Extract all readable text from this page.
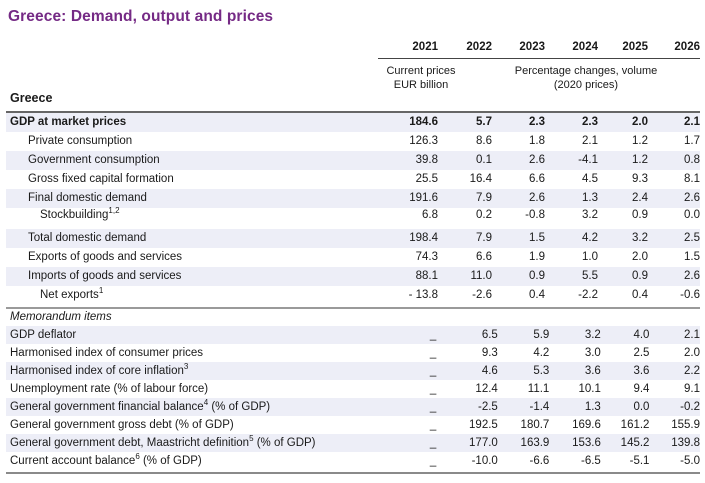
Greece: Demand, output and prices
2021	2022	2023	2024	2025	2026
Greece
Current prices
EUR billion
Percentage changes, volume
(2020 prices)
GDP at market prices	184.6	5.7	2.3	2.3	2.0	2.1
Private consumption	126.3	8.6	1.8	2.1	1.2	1.7
Government consumption	39.8	0.1	2.6	-4.1	1.2	0.8
Gross fixed capital formation	25.5	16.4	6.6	4.5	9.3	8.1
Final domestic demand	191.6	7.9	2.6	1.3	2.4	2.6
Stockbuilding$^{1,2}$	6.8	0.2	-0.8	3.2	0.9	0.0
Total domestic demand	198.4	7.9	1.5	4.2	3.2	2.5
Exports of goods and services	74.3	6.6	1.9	1.0	2.0	1.5
Imports of goods and services	88.1	11.0	0.9	5.5	0.9	2.6
Net exports$^1$	- 13.8	-2.6	0.4	-2.2	0.4	-0.6
Memorandum items
GDP deflator	_	6.5	5.9	3.2	4.0	2.1
Harmonised index of consumer prices	_	9.3	4.2	3.0	2.5	2.0
Harmonised index of core inflation$^3$	_	4.6	5.3	3.6	3.6	2.2
Unemployment rate (% of labour force)	_	12.4	11.1	10.1	9.4	9.1
General government financial balance$^4$ (% of GDP)	_	-2.5	-1.4	1.3	0.0	-0.2
General government gross debt (% of GDP)	_	192.5	180.7	169.6	161.2	155.9
General government debt, Maastricht definition$^5$ (% of GDP)	_	177.0	163.9	153.6	145.2	139.8
Current account balance$^6$ (% of GDP)	_	-10.0	-6.6	-6.5	-5.1	-5.0
